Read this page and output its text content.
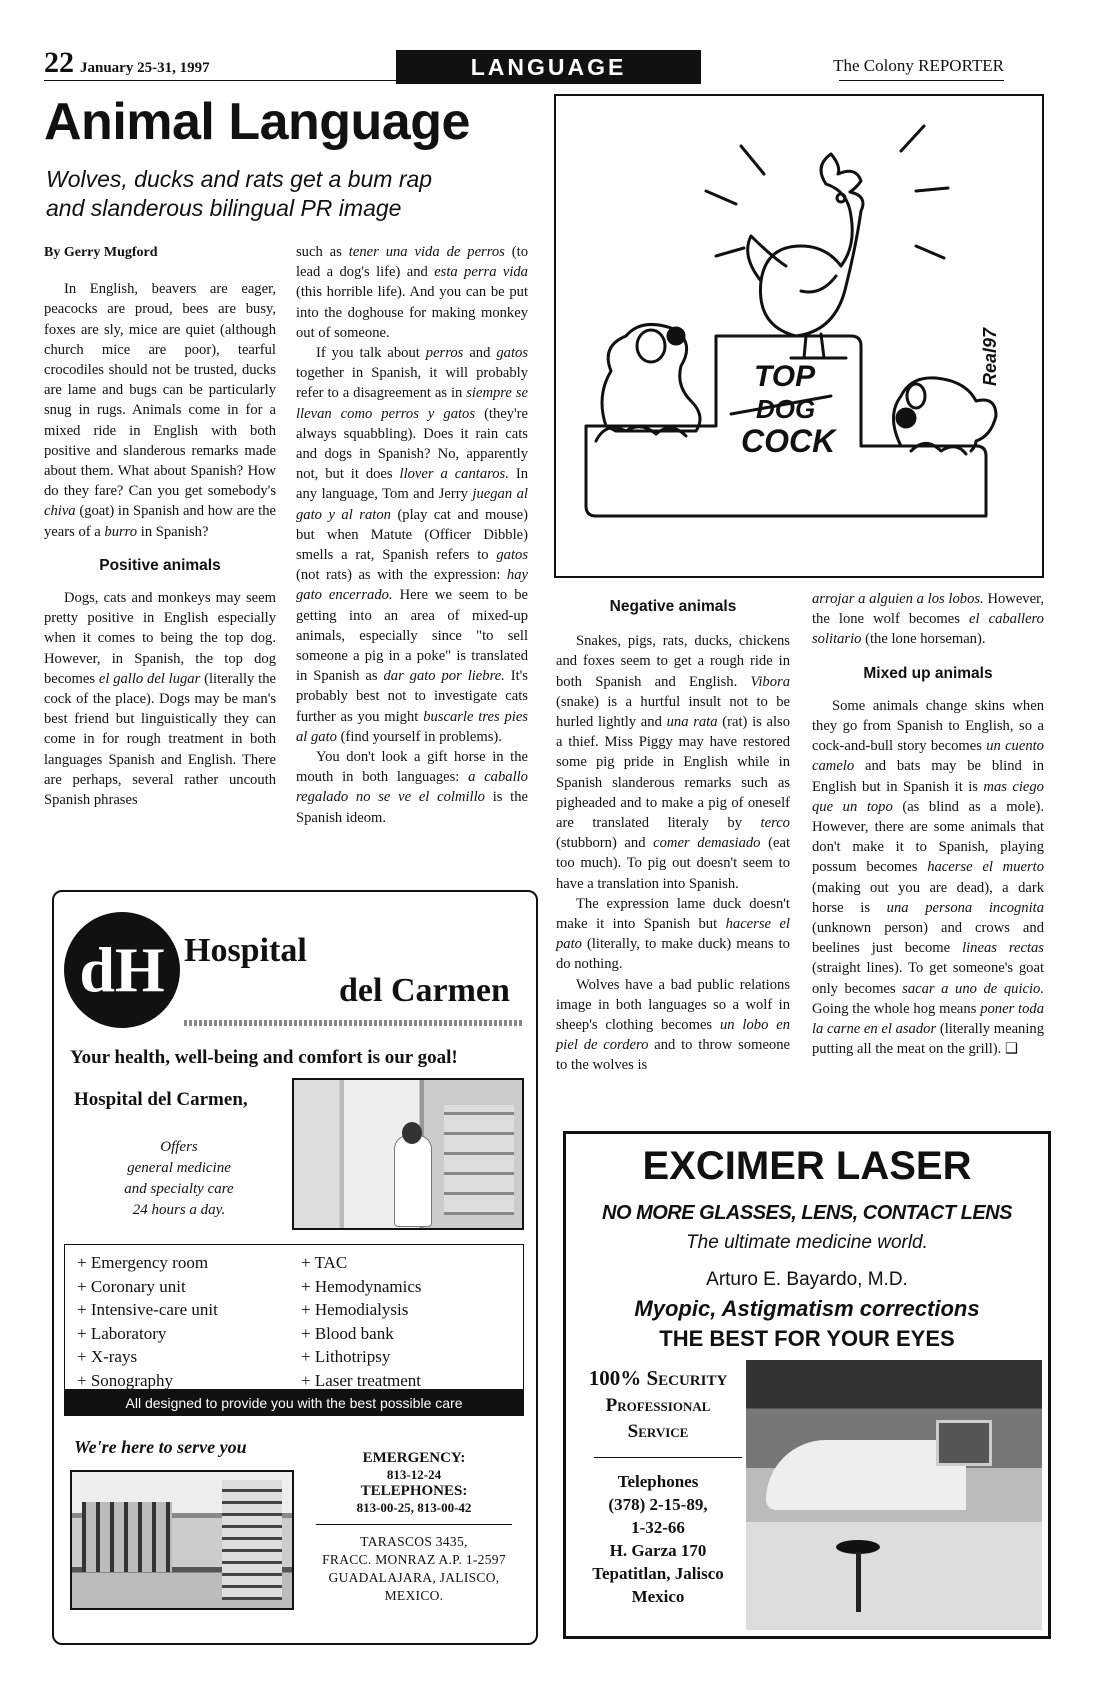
22 January 25-31, 1997	LANGUAGE	The Colony REPORTER
Animal Language
Wolves, ducks and rats get a bum rap
and slanderous bilingual PR image
By Gerry Mugford

In English, beavers are eager, peacocks are proud, bees are busy, foxes are sly, mice are quiet (although church mice are poor), tearful crocodiles should not be trusted, ducks are lame and bugs can be particularly snug in rugs. Animals come in for a mixed ride in English with both positive and slanderous remarks made about them. What about Spanish? How do they fare? Can you get somebody's chiva (goat) in Spanish and how are the years of a burro in Spanish?

Positive animals

Dogs, cats and monkeys may seem pretty positive in English especially when it comes to being the top dog. However, in Spanish, the top dog becomes el gallo del lugar (literally the cock of the place). Dogs may be man's best friend but linguistically they can come in for rough treatment in both languages Spanish and English. There are perhaps, several rather uncouth Spanish phrases

such as tener una vida de perros (to lead a dog's life) and esta perra vida (this horrible life). And you can be put into the doghouse for making monkey out of someone.

If you talk about perros and gatos together in Spanish, it will probably refer to a disagreement as in siempre se llevan como perros y gatos (they're always squabbling). Does it rain cats and dogs in Spanish? No, apparently not, but it does llover a cantaros. In any language, Tom and Jerry juegan al gato y al raton (play cat and mouse) but when Matute (Officer Dibble) smells a rat, Spanish refers to gatos (not rats) as with the expression: hay gato encerrado. Here we seem to be getting into an area of mixed-up animals, especially since "to sell someone a pig in a poke" is translated in Spanish as dar gato por liebre. It's probably best not to investigate cats further as you might buscarle tres pies al gato (find yourself in problems).

You don't look a gift horse in the mouth in both languages: a caballo regalado no se ve el colmillo is the Spanish ideom.

TOP
DOG
COCK
Real97
Negative animals

Snakes, pigs, rats, ducks, chickens and foxes seem to get a rough ride in both Spanish and English. Vibora (snake) is a hurtful insult not to be hurled lightly and una rata (rat) is also a thief. Miss Piggy may have restored some pig pride in English while in Spanish slanderous remarks such as pigheaded and to make a pig of oneself are translated literaly by terco (stubborn) and comer demasiado (eat too much). To pig out doesn't seem to have a translation into Spanish.

The expression lame duck doesn't make it into Spanish but hacerse el pato (literally, to make duck) means to do nothing.

Wolves have a bad public relations image in both languages so a wolf in sheep's clothing becomes un lobo en piel de cordero and to throw someone to the wolves is

arrojar a alguien a los lobos. However, the lone wolf becomes el caballero solitario (the lone horseman).

Mixed up animals

Some animals change skins when they go from Spanish to English, so a cock-and-bull story becomes un cuento camelo and bats may be blind in English but in Spanish it is mas ciego que un topo (as blind as a mole). However, there are some animals that don't make it to Spanish, playing possum becomes hacerse el muerto (making out you are dead), a dark horse is una persona incognita (unknown person) and crows and beelines just become lineas rectas (straight lines). To get someone's goat only becomes sacar a uno de quicio. Going the whole hog means poner toda la carne en el asador (literally meaning putting all the meat on the grill). ❑

dH Hospital
del Carmen
Your health, well-being and comfort is our goal!
Hospital del Carmen,
Offers
general medicine
and specialty care
24 hours a day.
+ Emergency room
+ Coronary unit
+ Intensive-care unit
+ Laboratory
+ X-rays
+ Sonography
+ TAC
+ Hemodynamics
+ Hemodialysis
+ Blood bank
+ Lithotripsy
+ Laser treatment
All designed to provide you with the best possible care
We're here to serve you
EMERGENCY:
813-12-24
TELEPHONES:
813-00-25, 813-00-42
TARASCOS 3435,
FRACC. MONRAZ A.P. 1-2597
GUADALAJARA, JALISCO,
MEXICO.
EXCIMER LASER
NO MORE GLASSES, LENS, CONTACT LENS
The ultimate medicine world.
Arturo E. Bayardo, M.D.
Myopic, Astigmatism corrections
THE BEST FOR YOUR EYES
100% Security
Professional
Service
Telephones
(378) 2-15-89,
1-32-66
H. Garza 170
Tepatitlan, Jalisco
Mexico
